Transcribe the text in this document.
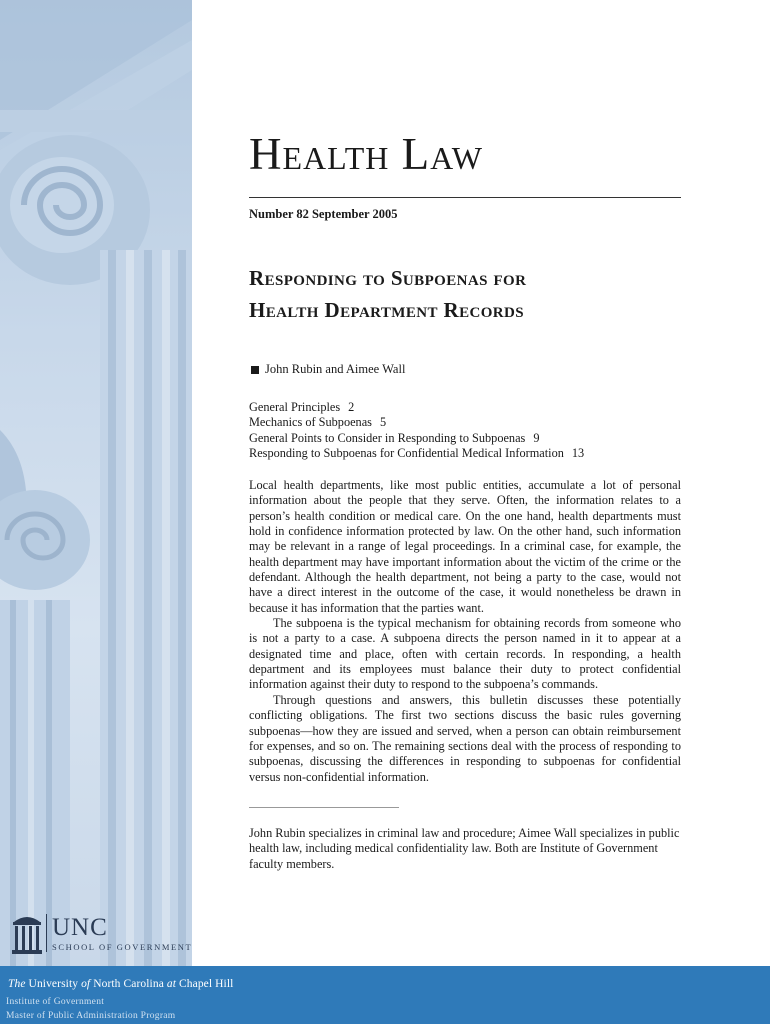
UNC
SCHOOL OF GOVERNMENT
The University of North Carolina at Chapel Hill
Institute of Government
Master of Public Administration Program
Health Law
Number 82 September 2005
Responding to Subpoenas for
Health Department Records
John Rubin and Aimee Wall
General Principles 2
Mechanics of Subpoenas 5
General Points to Consider in Responding to Subpoenas 9
Responding to Subpoenas for Confidential Medical Information 13

Local health departments, like most public entities, accumulate a lot of personal information about the people that they serve. Often, the information relates to a person’s health condition or medical care. On the one hand, health departments must hold in confidence information protected by law. On the other hand, such information may be relevant in a range of legal proceedings. In a criminal case, for example, the health department may have important information about the victim of the crime or the defendant. Although the health department, not being a party to the case, would not have a direct interest in the outcome of the case, it would nonetheless be drawn in because it has information that the parties want.

The subpoena is the typical mechanism for obtaining records from someone who is not a party to a case. A subpoena directs the person named in it to appear at a designated time and place, often with certain records. In responding, a health department and its employees must balance their duty to protect confidential information against their duty to respond to the subpoena’s commands.

Through questions and answers, this bulletin discusses these potentially conflicting obligations. The first two sections discuss the basic rules governing subpoenas—how they are issued and served, when a person can obtain reimbursement for expenses, and so on. The remaining sections deal with the process of responding to subpoenas, discussing the differences in responding to subpoenas for confidential versus non-confidential information.

John Rubin specializes in criminal law and procedure; Aimee Wall specializes in public health law, including medical confidentiality law. Both are Institute of Government faculty members.
